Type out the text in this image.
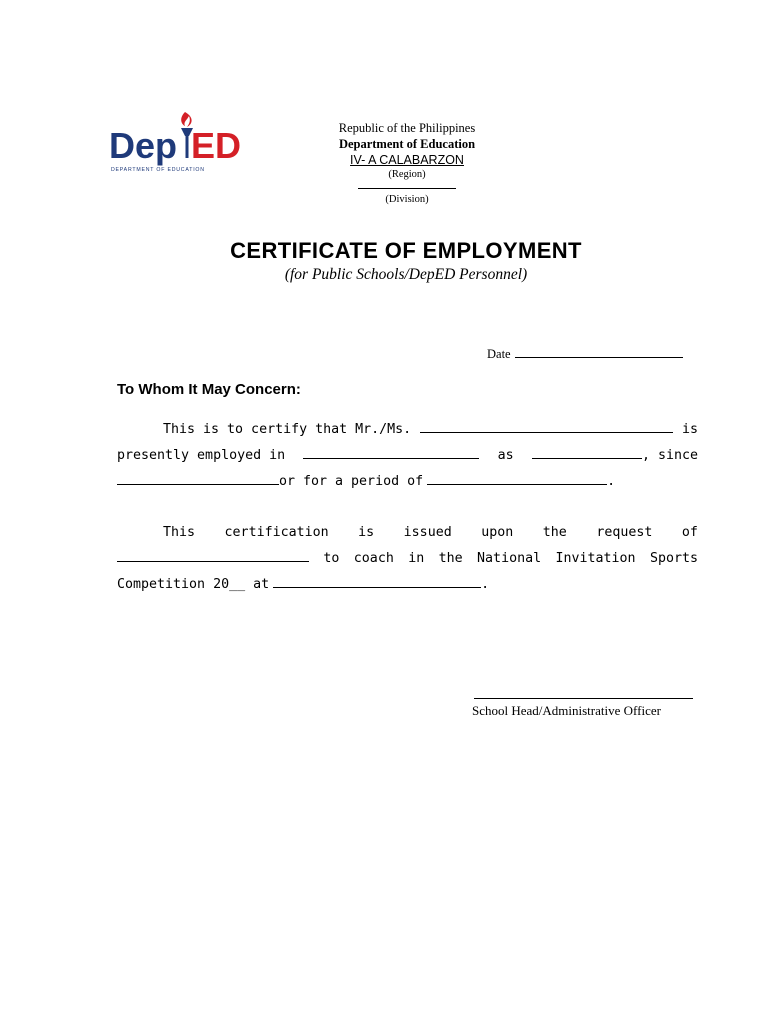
Dep ED
DEPARTMENT OF EDUCATION
Republic of the Philippines
Department of Education
IV- A CALABARZON
(Region)
(Division)
CERTIFICATE OF EMPLOYMENT
(for Public Schools/DepED Personnel)
Date
To Whom It May Concern:
This is to certify that Mr./Ms.	is
presently employed in	as	, since
or for a period of	.
This certification is issued upon the request of
to coach in the National Invitation Sports
Competition 20__ at	.
School Head/Administrative Officer
